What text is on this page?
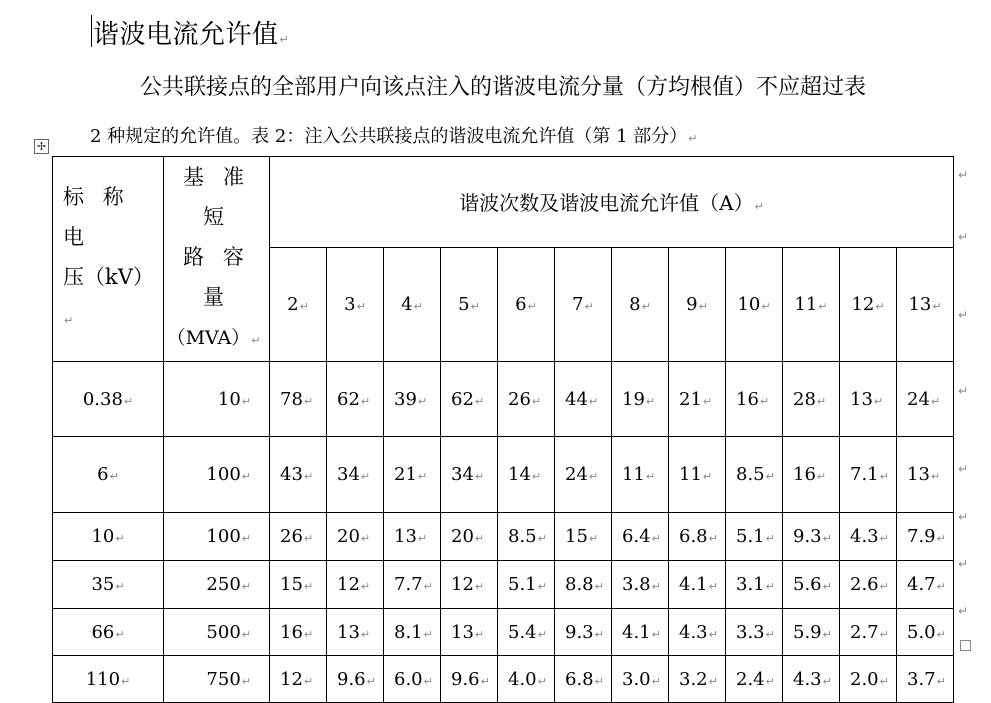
谐波电流允许值↵
公共联接点的全部用户向该点注入的谐波电流分量（方均根值）不应超过表
2 种规定的允许值。表 2：注入公共联接点的谐波电流允许值（第 1 部分）↵
✢
标 称 电
压（kV）↵	基 准 短
路 容 量
（MVA）↵	谐波次数及谐波电流允许值（A）↵											
		2↵	3↵	4↵	5↵	6↵	7↵	8↵	9↵	10↵	11↵	12↵	13↵
0.38↵	10↵	78↵	62↵	39↵	62↵	26↵	44↵	19↵	21↵	16↵	28↵	13↵	24↵
6↵	100↵	43↵	34↵	21↵	34↵	14↵	24↵	11↵	11↵	8.5↵	16↵	7.1↵	13↵
10↵	100↵	26↵	20↵	13↵	20↵	8.5↵	15↵	6.4↵	6.8↵	5.1↵	9.3↵	4.3↵	7.9↵
35↵	250↵	15↵	12↵	7.7↵	12↵	5.1↵	8.8↵	3.8↵	4.1↵	3.1↵	5.6↵	2.6↵	4.7↵
66↵	500↵	16↵	13↵	8.1↵	13↵	5.4↵	9.3↵	4.1↵	4.3↵	3.3↵	5.9↵	2.7↵	5.0↵
110↵	750↵	12↵	9.6↵	6.0↵	9.6↵	4.0↵	6.8↵	3.0↵	3.2↵	2.4↵	4.3↵	2.0↵	3.7↵
↵
↵
↵
↵
↵
↵
↵
↵
